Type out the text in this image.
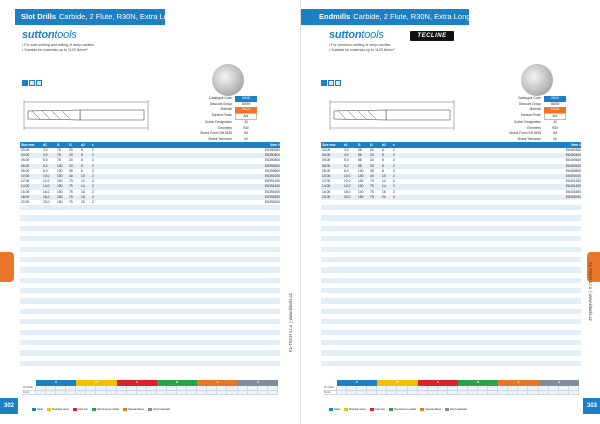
Slot Drills Carbide, 2 Flute, R30N, Extra Long
suttontools
• For safe slotting and milling of deep cavities
• Suitable for materials up to 1100 N/mm²
Catalogue Code	E638
Discount Group	36559
Material	SUCA
Surface Finish	Ahr
Sutton Designation	30
Geometry	R30
Shank Form DIN 6535	HA
Shank Tolerance	h6
Size mm	d1	l1	l2	d2	z	Item #
03.00	3,0	75	20	6	2	E6390300
04.00	4,0	75	20	6	2	E6390400
05.00	5,0	75	20	6	2	E6390500
06.00	6,0	100	30	6	2	E6390600
08.00	8,0	100	35	8	2	E6390800
10.00	10,0	100	40	10	2	E6391000
12.00	12,0	150	70	12	2	E6391200
14.00	14,0	150	75	14	2	E6391400
16.00	16,0	150	75	16	2	E6391600
18.00	18,0	150	75	18	2	E6391800
20.00	20,0	150	75	20	2	E6392000
P	M	K	N	S	H
Vc m/min
fz mm
Steel	Stainless steel	Cast iron	Non-ferrous metals	Special alloys	Hard materials
302
KL-TECH s.r.o. | www.kltools.cz
Endmills Carbide, 2 Flute, R30N, Extra Long
suttontools	TECLINE
• For precision slotting of deep cavities
• Suitable for materials up to 1100 N/mm²
Catalogue Code	E640
Discount Group	36559
Material	SUCA
Surface Finish	Ahr
Sutton Designation	30
Geometry	R30
Shank Form DIN 6535	HA
Shank Tolerance	h6
Size mm	d1	l1	l2	d2	z	Item #
03.00	3,0	58	20	6	2	E6400300
04.00	4,0	58	20	6	2	E6400400
05.00	5,0	58	20	6	2	E6400500
06.00	6,0	58	25	6	2	E6400600
08.00	8,0	100	35	8	2	E6400800
10.00	10,0	100	40	10	2	E6401000
12.00	12,0	100	70	12	2	E6401200
14.00	14,0	100	75	14	2	E6401400
16.00	16,0	100	75	16	2	E6401600
20.00	20,0	150	75	20	2	E6402000
P	M	K	N	S	H
Vc m/min
fz mm
Steel	Stainless steel	Cast iron	Non-ferrous metals	Special alloys	Hard materials
303
KL-TECH s.r.o. | www.kltools.cz
